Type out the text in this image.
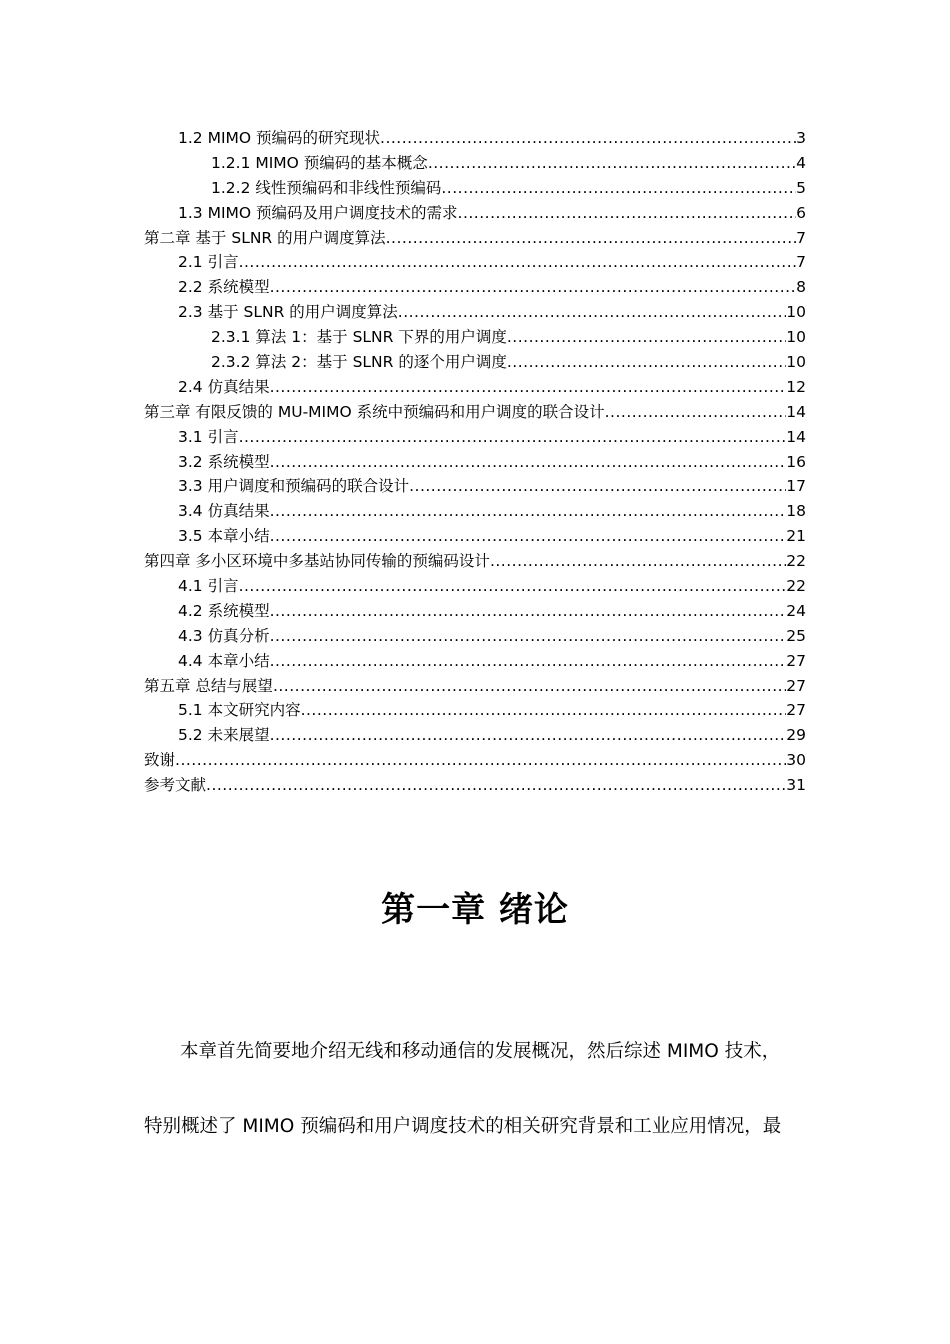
1.2 MIMO 预编码的研究现状 .....	3
1.2.1 MIMO 预编码的基本概念 .....	4
1.2.2 线性预编码和非线性预编码 .....	5
1.3 MIMO 预编码及用户调度技术的需求 .....	6
第二章 基于 SLNR 的用户调度算法 .....	7
2.1 引言 .....	7
2.2 系统模型 .....	8
2.3 基于 SLNR 的用户调度算法 .....	10
2.3.1 算法 1：基于 SLNR 下界的用户调度 .....	10
2.3.2 算法 2：基于 SLNR 的逐个用户调度 .....	10
2.4 仿真结果 .....	12
第三章 有限反馈的 MU-MIMO 系统中预编码和用户调度的联合设计 .....	14
3.1 引言 .....	14
3.2 系统模型 .....	16
3.3 用户调度和预编码的联合设计 .....	17
3.4 仿真结果 .....	18
3.5 本章小结 .....	21
第四章 多小区环境中多基站协同传输的预编码设计 .....	22
4.1 引言 .....	22
4.2 系统模型 .....	24
4.3 仿真分析 .....	25
4.4 本章小结 .....	27
第五章 总结与展望 .....	27
5.1 本文研究内容 .....	27
5.2 未来展望 .....	29
致谢 .....	30
参考文献 .....	31
第一章 绪论
本章首先简要地介绍无线和移动通信的发展概况，然后综述 MIMO 技术，
特别概述了 MIMO 预编码和用户调度技术的相关研究背景和工业应用情况，最
